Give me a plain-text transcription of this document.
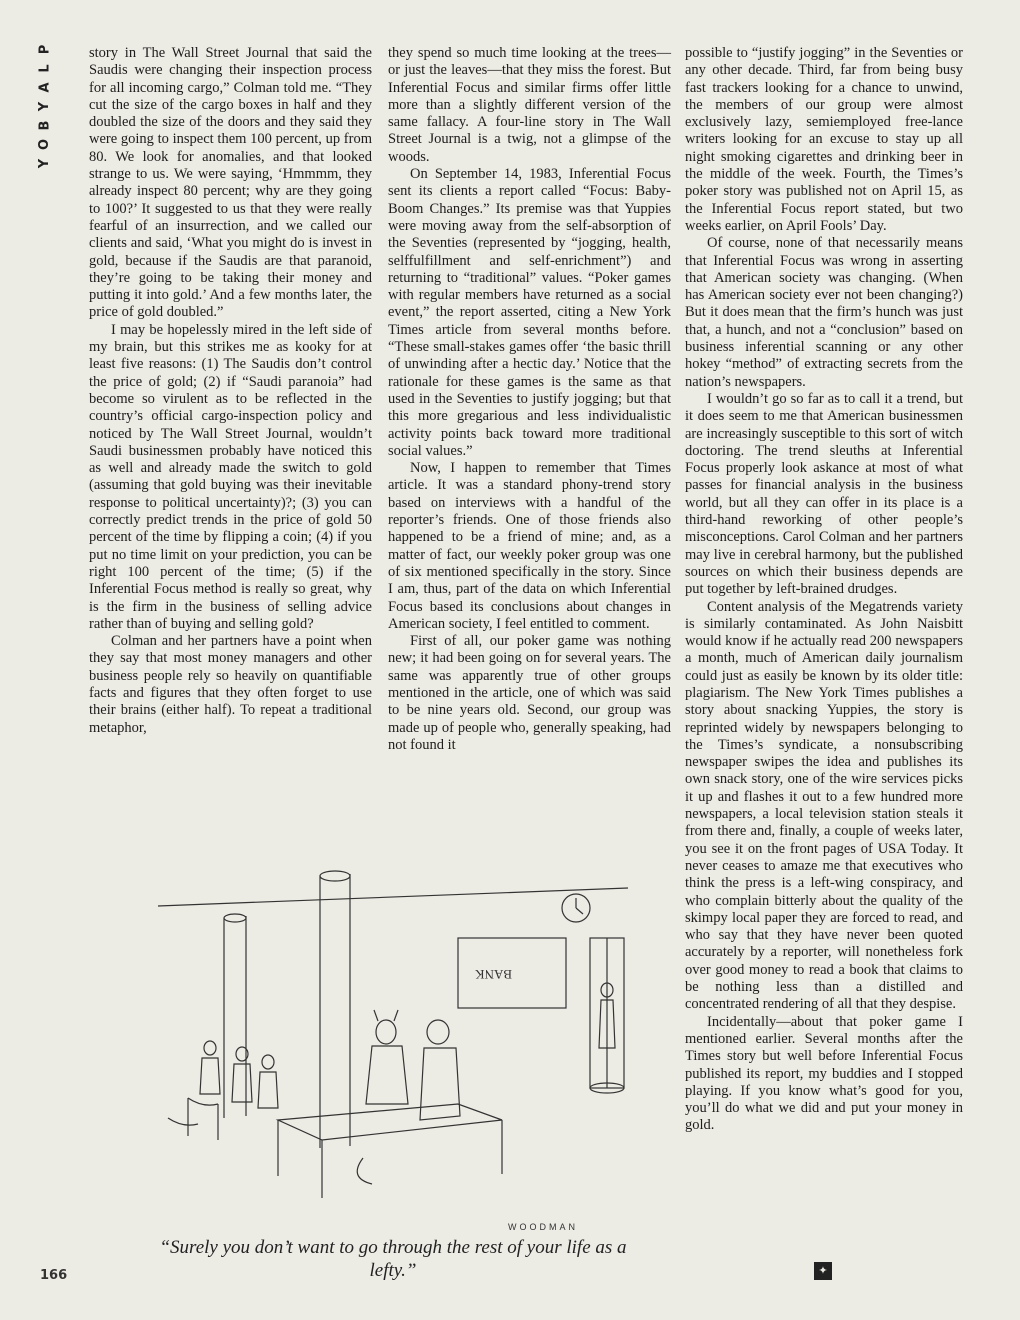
P
L
A
Y
B
O
Y

story in The Wall Street Journal that said the Saudis were changing their inspection process for all incoming cargo,” Colman told me. “They cut the size of the cargo boxes in half and they doubled the size of the doors and they said they were going to inspect them 100 percent, up from 80. We look for anomalies, and that looked strange to us. We were saying, ‘Hmmmm, they already inspect 80 percent; why are they going to 100?’ It suggested to us that they were really fearful of an insurrection, and we called our clients and said, ‘What you might do is invest in gold, because if the Saudis are that paranoid, they’re going to be taking their money and putting it into gold.’ And a few months later, the price of gold doubled.”

I may be hopelessly mired in the left side of my brain, but this strikes me as kooky for at least five reasons: (1) The Saudis don’t control the price of gold; (2) if “Saudi paranoia” had become so virulent as to be reflected in the country’s official cargo-inspection policy and noticed by The Wall Street Journal, wouldn’t Saudi businessmen probably have noticed this as well and already made the switch to gold (assuming that gold buying was their inevitable response to political uncertainty)?; (3) you can correctly predict trends in the price of gold 50 percent of the time by flipping a coin; (4) if you put no time limit on your prediction, you can be right 100 percent of the time; (5) if the Inferential Focus method is really so great, why is the firm in the business of selling advice rather than of buying and selling gold?

Colman and her partners have a point when they say that most money managers and other business people rely so heavily on quantifiable facts and figures that they often forget to use their brains (either half). To repeat a traditional metaphor,

they spend so much time looking at the trees—or just the leaves—that they miss the forest. But Inferential Focus and similar firms offer little more than a slightly different version of the same fallacy. A four-line story in The Wall Street Journal is a twig, not a glimpse of the woods.

On September 14, 1983, Inferential Focus sent its clients a report called “Focus: Baby-Boom Changes.” Its premise was that Yuppies were moving away from the self-absorption of the Seventies (represented by “jogging, health, selffulfillment and self-enrichment”) and returning to “traditional” values. “Poker games with regular members have returned as a social event,” the report asserted, citing a New York Times article from several months before. “These small-stakes games offer ‘the basic thrill of unwinding after a hectic day.’ Notice that the rationale for these games is the same as that used in the Seventies to justify jogging; but that this more gregarious and less individualistic activity points back toward more traditional social values.”

Now, I happen to remember that Times article. It was a standard phony-trend story based on interviews with a handful of the reporter’s friends. One of those friends also happened to be a friend of mine; and, as a matter of fact, our weekly poker group was one of six mentioned specifically in the story. Since I am, thus, part of the data on which Inferential Focus based its conclusions about changes in American society, I feel entitled to comment.

First of all, our poker game was nothing new; it had been going on for several years. The same was apparently true of other groups mentioned in the article, one of which was said to be nine years old. Second, our group was made up of people who, generally speaking, had not found it

possible to “justify jogging” in the Seventies or any other decade. Third, far from being busy fast trackers looking for a chance to unwind, the members of our group were almost exclusively lazy, semiemployed free-lance writers looking for an excuse to stay up all night smoking cigarettes and drinking beer in the middle of the week. Fourth, the Times’s poker story was published not on April 15, as the Inferential Focus report stated, but two weeks earlier, on April Fools’ Day.

Of course, none of that necessarily means that Inferential Focus was wrong in asserting that American society was changing. (When has American society ever not been changing?) But it does mean that the firm’s hunch was just that, a hunch, and not a “conclusion” based on business inferential scanning or any other hokey “method” of extracting secrets from the nation’s newspapers.

I wouldn’t go so far as to call it a trend, but it does seem to me that American businessmen are increasingly susceptible to this sort of witch doctoring. The trend sleuths at Inferential Focus properly look askance at most of what passes for financial analysis in the business world, but all they can offer in its place is a third-hand reworking of other people’s misconceptions. Carol Colman and her partners may live in cerebral harmony, but the published sources on which their business depends are put together by left-brained drudges.

Content analysis of the Megatrends variety is similarly contaminated. As John Naisbitt would know if he actually read 200 newspapers a month, much of American daily journalism could just as easily be known by its older title: plagiarism. The New York Times publishes a story about snacking Yuppies, the story is reprinted widely by newspapers belonging to the Times’s syndicate, a nonsubscribing newspaper swipes the idea and publishes its own snack story, one of the wire services picks it up and flashes it out to a few hundred more newspapers, a local television station steals it from there and, finally, a couple of weeks later, you see it on the front pages of USA Today. It never ceases to amaze me that executives who think the press is a left-wing conspiracy, and who complain bitterly about the quality of the skimpy local paper they are forced to read, and who say that they have never been quoted accurately by a reporter, will nonetheless fork over good money to read a book that claims to be nothing less than a distilled and concentrated rendering of all that they despise.

Incidentally—about that poker game I mentioned earlier. Several months after the Times story but well before Inferential Focus published its report, my buddies and I stopped playing. If you know what’s good for you, you’ll do what we did and put your money in gold.

BANK
WOODMAN
“Surely you don’t want to go through the rest of your life as a lefty.”
166	✦
